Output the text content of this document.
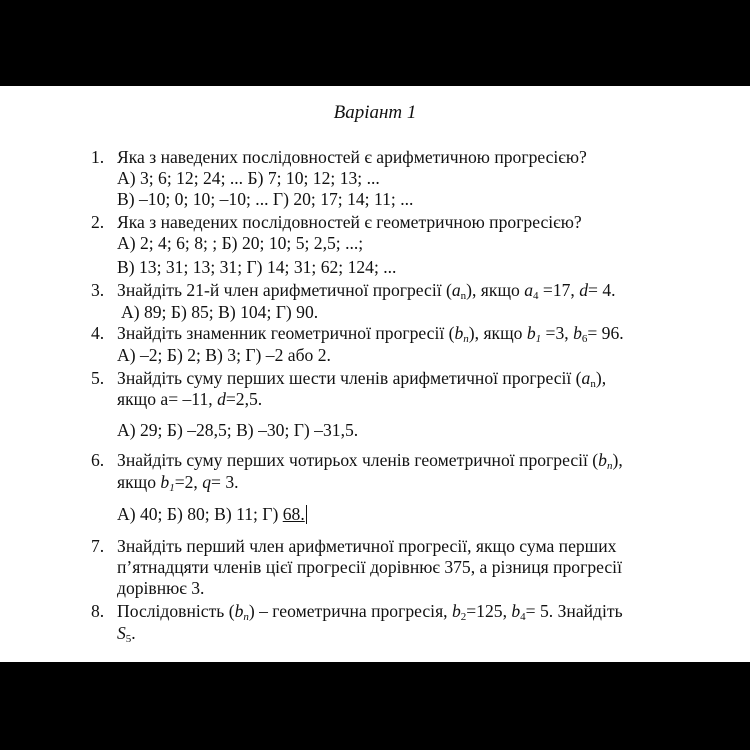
Варіант 1
1. Яка з наведених послідовностей є арифметичною прогресією?
А) 3; 6; 12; 24; ... Б) 7; 10; 12; 13; ...
В) –10; 0; 10; –10; ... Г) 20; 17; 14; 11; ...
2. Яка з наведених послідовностей є геометричною прогресією?
А) 2; 4; 6; 8; ; Б) 20; 10; 5; 2,5; ...;
В) 13; 31; 13; 31; Г) 14; 31; 62; 124; ...
3. Знайдіть 21-й член арифметичної прогресії $(a_n)$, якщо $a_4 =17$, d= 4.
А) 89; Б) 85; В) 104; Г) 90.
4. Знайдіть знаменник геометричної прогресії $(b_n)$, якщо $b_1 =3$, $b_6= 96$.
А) –2; Б) 2; В) 3; Г) –2 або 2.
5. Знайдіть суму перших шести членів арифметичної прогресії $(a_n)$,
якщо a= –11, d=2,5.
А) 29; Б) –28,5; В) –30; Г) –31,5.
6. Знайдіть суму перших чотирьох членів геометричної прогресії $(b_n)$,
якщо $b_1=2$, q= 3.
А) 40; Б) 80; В) 11; Г) 68.
7. Знайдіть перший член арифметичної прогресії, якщо сума перших
п’ятнадцяти членів цієї прогресії дорівнює 375, а різниця прогресії
дорівнює 3.
8. Послідовність $(b_n)$ – геометрична прогресія, $b_2=125$, $b_4= 5$. Знайдіть
$S_5$.
